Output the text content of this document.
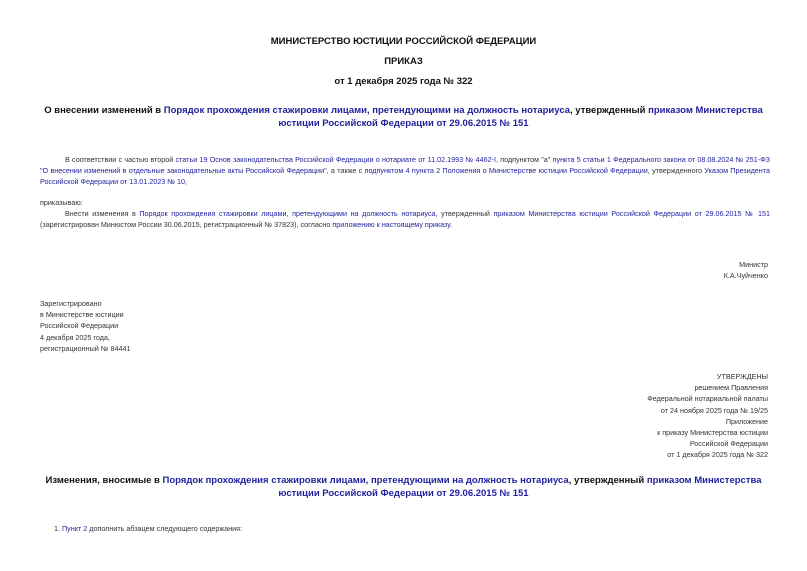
МИНИСТЕРСТВО ЮСТИЦИИ РОССИЙСКОЙ ФЕДЕРАЦИИ
ПРИКАЗ
от 1 декабря 2025 года № 322
О внесении изменений в Порядок прохождения стажировки лицами, претендующими на должность нотариуса, утвержденный приказом Министерства юстиции Российской Федерации от 29.06.2015 № 151

В соответствии с частью второй статьи 19 Основ законодательства Российской Федерации о нотариате от 11.02.1993 № 4462-I, подпунктом "а" пункта 5 статьи 1 Федерального закона от 08.08.2024 № 251-ФЗ "О внесении изменений в отдельные законодательные акты Российской Федерации", а также с подпунктом 4 пункта 2 Положения о Министерстве юстиции Российской Федерации, утвержденного Указом Президента Российской Федерации от 13.01.2023 № 10,

приказываю:

Внести изменения в Порядок прохождения стажировки лицами, претендующими на должность нотариуса, утвержденный приказом Министерства юстиции Российской Федерации от 29.06.2015 № 151 (зарегистрирован Минюстом России 30.06.2015, регистрационный № 37823), согласно приложению к настоящему приказу.

Министр
К.А.Чуйченко
Зарегистрировано
в Министерстве юстиции
Российской Федерации
4 декабря 2025 года,
регистрационный № 84441
УТВЕРЖДЕНЫ
решением Правления
Федеральной нотариальной палаты
от 24 ноября 2025 года № 19/25
Приложение
к приказу Министерства юстиции
Российской Федерации
от 1 декабря 2025 года № 322
Изменения, вносимые в Порядок прохождения стажировки лицами, претендующими на должность нотариуса, утвержденный приказом Министерства юстиции Российской Федерации от 29.06.2015 № 151
1. Пункт 2 дополнить абзацем следующего содержания:
